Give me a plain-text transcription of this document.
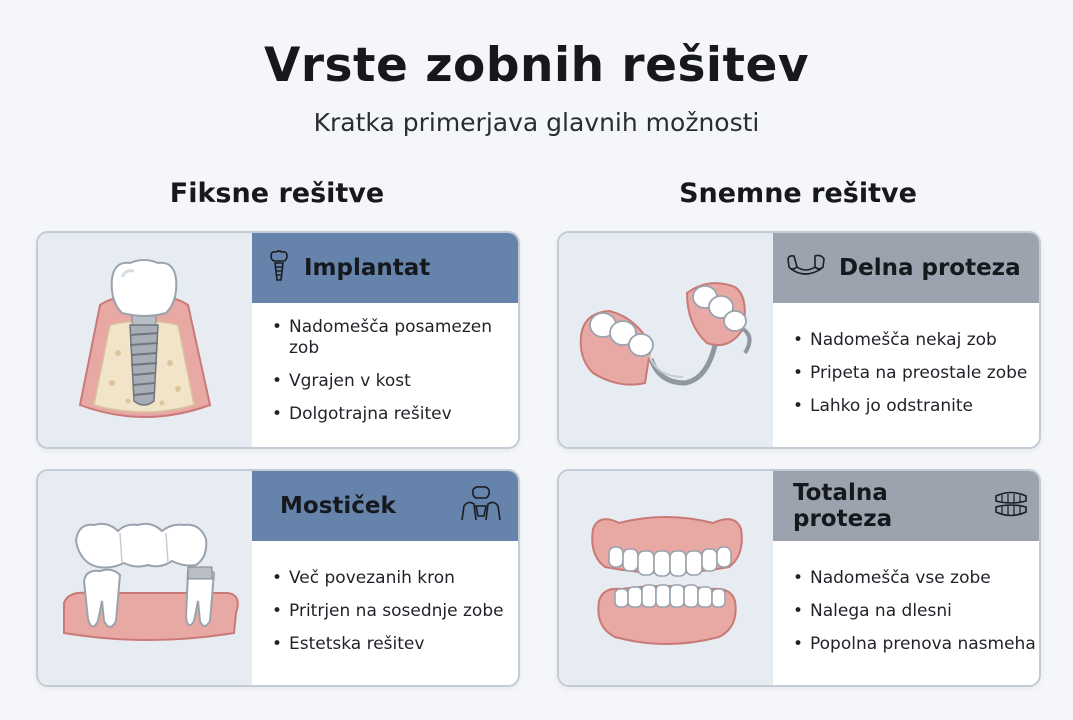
Vrste zobnih rešitev
Kratka primerjava glavnih možnosti
Fiksne rešitve	Snemne rešitve
Implantat
• Nadomešča posamezen zob
• Vgrajen v kost
• Dolgotrajna rešitev
Mostiček
• Več povezanih kron
• Pritrjen na sosednje zobe
• Estetska rešitev
Delna proteza
• Nadomešča nekaj zob
• Pripeta na preostale zobe
• Lahko jo odstranite
Totalna proteza
• Nadomešča vse zobe
• Nalega na dlesni
• Popolna prenova nasmeha
